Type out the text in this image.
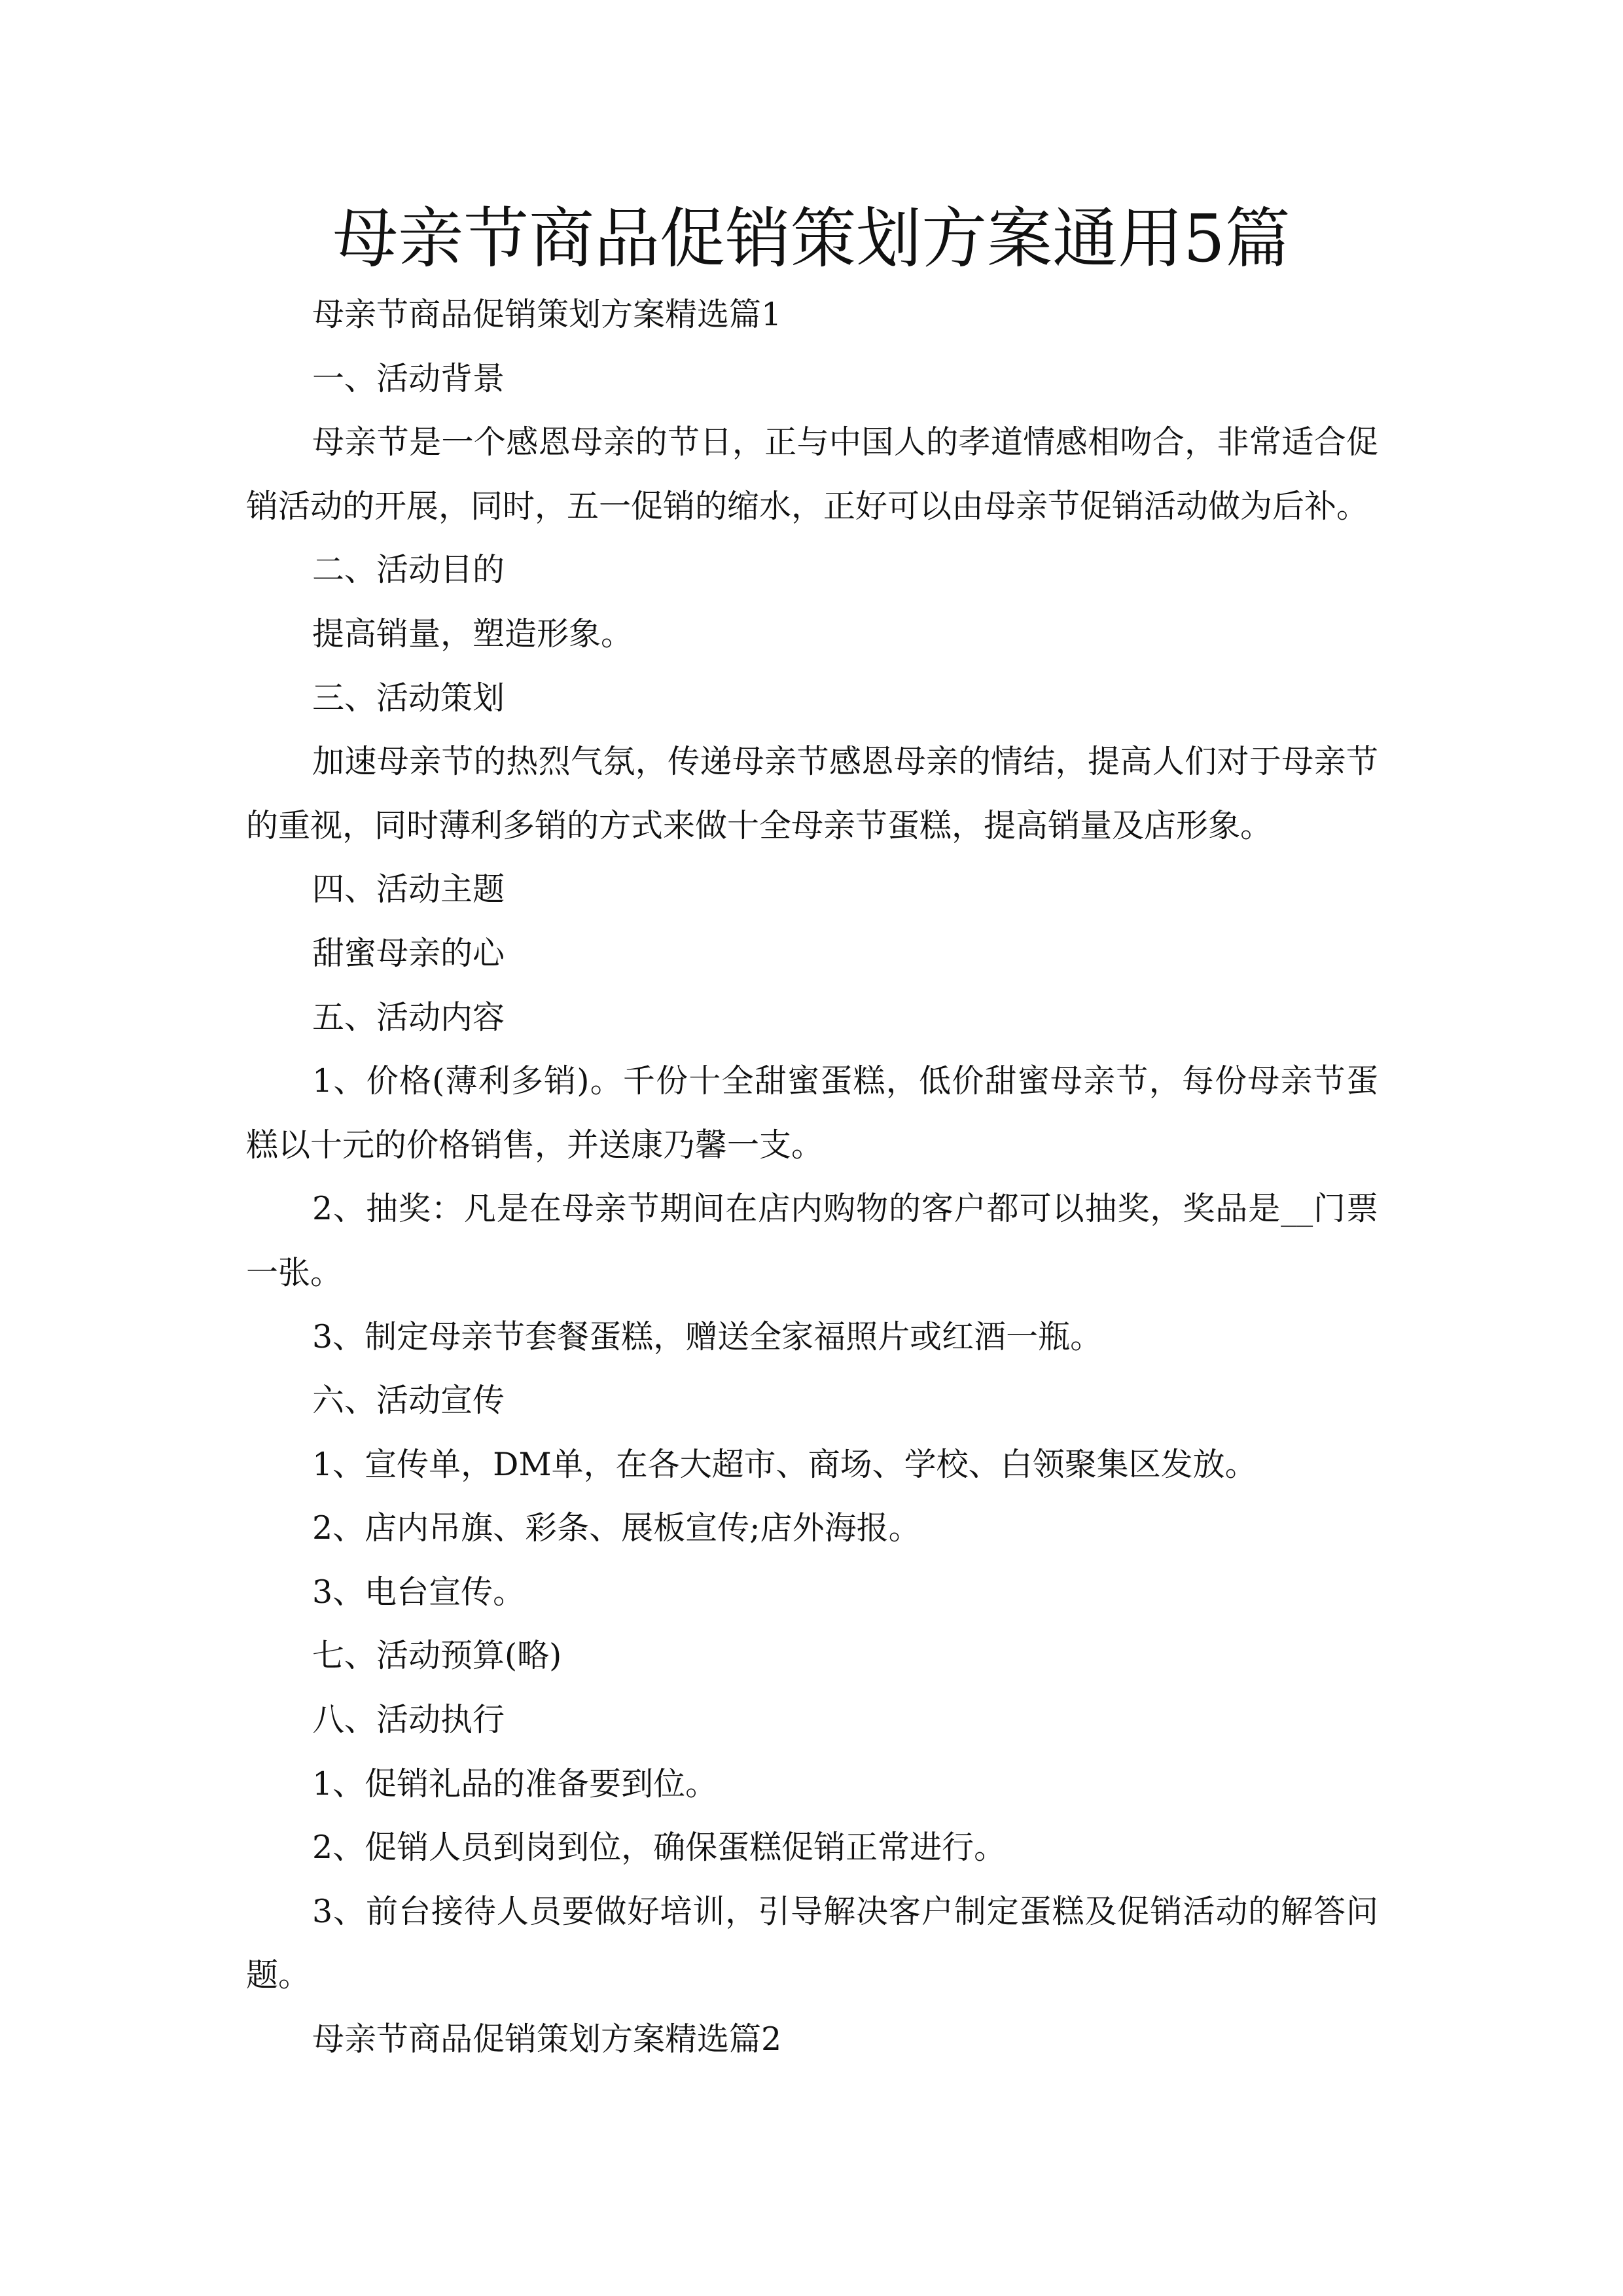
母亲节商品促销策划方案通用5篇

母亲节商品促销策划方案精选篇1

一、活动背景

母亲节是一个感恩母亲的节日，正与中国人的孝道情感相吻合，非常适合促销活动的开展，同时，五一促销的缩水，正好可以由母亲节促销活动做为后补。

二、活动目的

提高销量，塑造形象。

三、活动策划

加速母亲节的热烈气氛，传递母亲节感恩母亲的情结，提高人们对于母亲节的重视，同时薄利多销的方式来做十全母亲节蛋糕，提高销量及店形象。

四、活动主题

甜蜜母亲的心

五、活动内容

1、价格(薄利多销)。千份十全甜蜜蛋糕，低价甜蜜母亲节，每份母亲节蛋糕以十元的价格销售，并送康乃馨一支。

2、抽奖：凡是在母亲节期间在店内购物的客户都可以抽奖，奖品是__门票一张。

3、制定母亲节套餐蛋糕，赠送全家福照片或红酒一瓶。

六、活动宣传

1、宣传单，DM单，在各大超市、商场、学校、白领聚集区发放。

2、店内吊旗、彩条、展板宣传;店外海报。

3、电台宣传。

七、活动预算(略)

八、活动执行

1、促销礼品的准备要到位。

2、促销人员到岗到位，确保蛋糕促销正常进行。

3、前台接待人员要做好培训，引导解决客户制定蛋糕及促销活动的解答问题。

母亲节商品促销策划方案精选篇2
